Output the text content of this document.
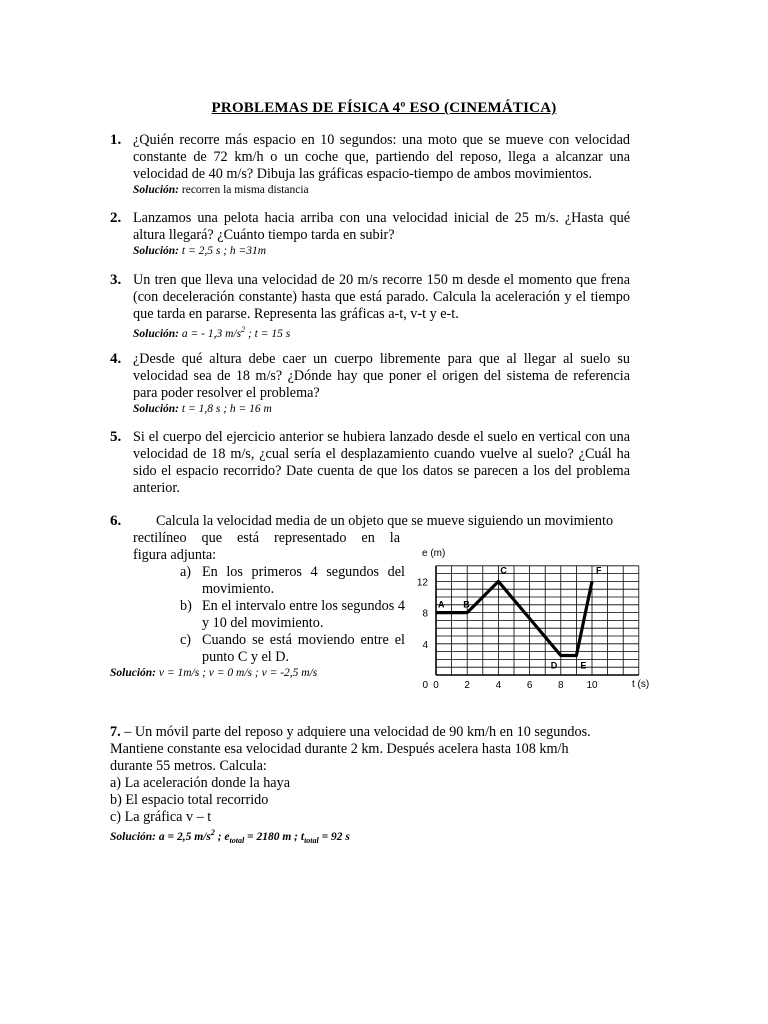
PROBLEMAS DE FÍSICA 4º ESO (CINEMÁTICA)
1. ¿Quién recorre más espacio en 10 segundos: una moto que se mueve con velocidad constante de 72 km/h o un coche que, partiendo del reposo, llega a alcanzar una velocidad de 40 m/s? Dibuja las gráficas espacio-tiempo de ambos movimientos.
Solución: recorren la misma distancia
2. Lanzamos una pelota hacia arriba con una velocidad inicial de 25 m/s. ¿Hasta qué altura llegará? ¿Cuánto tiempo tarda en subir?
Solución: t = 2,5 s ; h =31m
3. Un tren que lleva una velocidad de 20 m/s recorre 150 m desde el momento que frena (con deceleración constante) hasta que está parado. Calcula la aceleración y el tiempo que tarda en pararse. Representa las gráficas a-t, v-t y e-t.
Solución: a = - 1,3 $m/s^2$ ; t = 15 s
4. ¿Desde qué altura debe caer un cuerpo libremente para que al llegar al suelo su velocidad sea de 18 m/s? ¿Dónde hay que poner el origen del sistema de referencia para poder resolver el problema?
Solución: t = 1,8 s ; h = 16 m
5. Si el cuerpo del ejercicio anterior se hubiera lanzado desde el suelo en vertical con una velocidad de 18 m/s, ¿cual sería el desplazamiento cuando vuelve al suelo? ¿Cuál ha sido el espacio recorrido? Date cuenta de que los datos se parecen a los del problema anterior.
6. Calcula la velocidad media de un objeto que se mueve siguiendo un movimiento
rectilíneo que está representado en la
figura adjunta:
a) En los primeros 4 segundos del movimiento.
b) En el intervalo entre los segundos 4 y 10 del movimiento.
c) Cuando se está moviendo entre el punto C y el D.
Solución: v = 1m/s ; v = 0 m/s ; v = -2,5 m/s
A B
C
D	E
F
0	2	4	6	8 10
0
4
8
12
e (m)
t (s)
7. – Un móvil parte del reposo y adquiere una velocidad de 90 km/h en 10 segundos.
Mantiene constante esa velocidad durante 2 km. Después acelera hasta 108 km/h
durante 55 metros. Calcula:
a) La aceleración donde la haya
b) El espacio total recorrido
c) La gráfica v – t
Solución: a = 2,5 $m/s^2$ ; $e_{total} = 2180$ m ; $t_{total} = 92$ s
